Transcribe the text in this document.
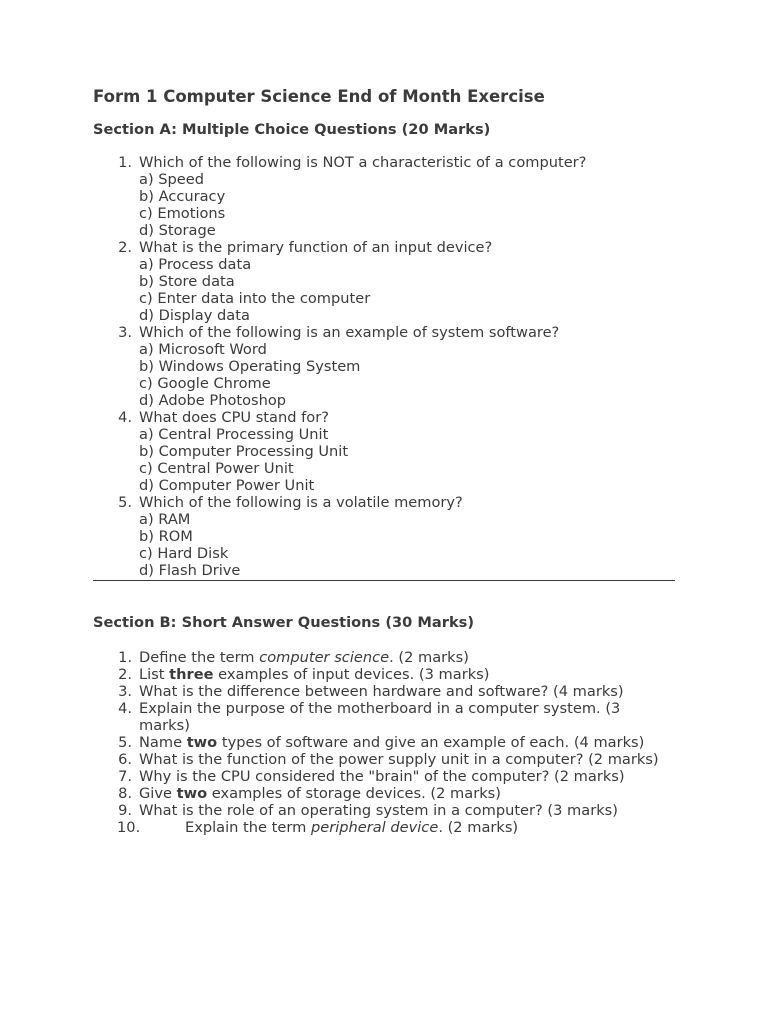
Form 1 Computer Science End of Month Exercise
Section A: Multiple Choice Questions (20 Marks)
1. Which of the following is NOT a characteristic of a computer?
a) Speed
b) Accuracy
c) Emotions
d) Storage
2. What is the primary function of an input device?
a) Process data
b) Store data
c) Enter data into the computer
d) Display data
3. Which of the following is an example of system software?
a) Microsoft Word
b) Windows Operating System
c) Google Chrome
d) Adobe Photoshop
4. What does CPU stand for?
a) Central Processing Unit
b) Computer Processing Unit
c) Central Power Unit
d) Computer Power Unit
5. Which of the following is a volatile memory?
a) RAM
b) ROM
c) Hard Disk
d) Flash Drive
Section B: Short Answer Questions (30 Marks)
1. Define the term computer science. (2 marks)
2. List three examples of input devices. (3 marks)
3. What is the difference between hardware and software? (4 marks)
4. Explain the purpose of the motherboard in a computer system. (3 marks)
5. Name two types of software and give an example of each. (4 marks)
6. What is the function of the power supply unit in a computer? (2 marks)
7. Why is the CPU considered the "brain" of the computer? (2 marks)
8. Give two examples of storage devices. (2 marks)
9. What is the role of an operating system in a computer? (3 marks)
10.	Explain the term peripheral device. (2 marks)
